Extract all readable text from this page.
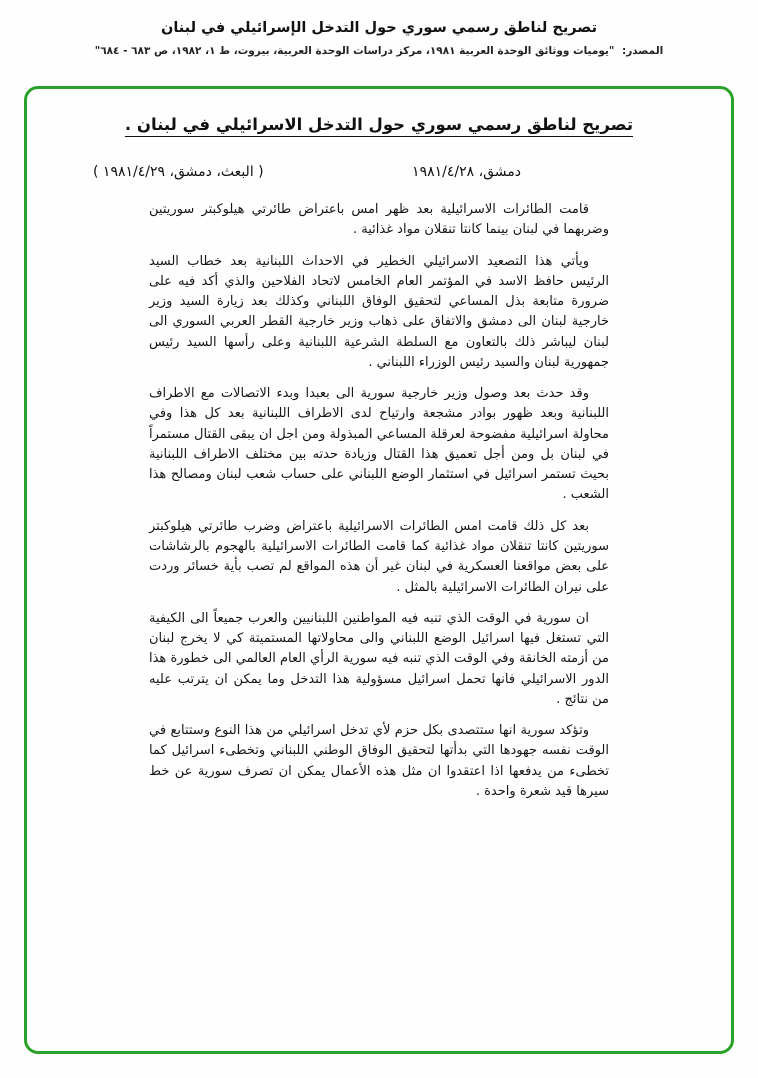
تصريح لناطق رسمي سوري حول التدخل الإسرائيلي في لبنان
المصدر: "يوميات ووثائق الوحدة العربية ١٩٨١، مركز دراسات الوحدة العربية، بيروت، ط ١، ١٩٨٢، ص ٦٨٣ - ٦٨٤"
تصريح لناطق رسمي سوري حول التدخل الاسرائيلي في لبنان .
دمشق، ١٩٨١/٤/٢٨
( البعث، دمشق، ١٩٨١/٤/٢٩ )

قامت الطائرات الاسرائيلية بعد ظهر امس باعتراض طائرتي هيلوكبتر سوريتين وضربهما في لبنان بينما كانتا تنقلان مواد غذائية .

ويأتي هذا التصعيد الاسرائيلي الخطير في الاحداث اللبنانية بعد خطاب السيد الرئيس حافظ الاسد في المؤتمر العام الخامس لاتحاد الفلاحين والذي أكد فيه على ضرورة متابعة بذل المساعي لتحقيق الوفاق اللبناني وكذلك بعد زيارة السيد وزير خارجية لبنان الى دمشق والاتفاق على ذهاب وزير خارجية القطر العربي السوري الى لبنان ليباشر ذلك بالتعاون مع السلطة الشرعية اللبنانية وعلى رأسها السيد رئيس جمهورية لبنان والسيد رئيس الوزراء اللبناني .

وقد حدث بعد وصول وزير خارجية سورية الى بعبدا وبدء الاتصالات مع الاطراف اللبنانية وبعد ظهور بوادر مشجعة وارتياح لدى الاطراف اللبنانية بعد كل هذا وفي محاولة اسرائيلية مفضوحة لعرقلة المساعي المبذولة ومن اجل ان يبقى القتال مستمراً في لبنان بل ومن أجل تعميق هذا القتال وزيادة حدته بين مختلف الاطراف اللبنانية بحيث تستمر اسرائيل في استثمار الوضع اللبناني على حساب شعب لبنان ومصالح هذا الشعب .

بعد كل ذلك قامت امس الطائرات الاسرائيلية باعتراض وضرب طائرتي هيلوكبتر سوريتين كانتا تنقلان مواد غذائية كما قامت الطائرات الاسرائيلية بالهجوم بالرشاشات على بعض مواقعنا العسكرية في لبنان غير أن هذه المواقع لم تصب بأية خسائر وردت على نيران الطائرات الاسرائيلية بالمثل .

ان سورية في الوقت الذي تنبه فيه المواطنين اللبنانيين والعرب جميعاً الى الكيفية التي تستغل فيها اسرائيل الوضع اللبناني والى محاولاتها المستميتة كي لا يخرج لبنان من أزمته الخانقة وفي الوقت الذي تنبه فيه سورية الرأي العام العالمي الى خطورة هذا الدور الاسرائيلي فانها تحمل اسرائيل مسؤولية هذا التدخل وما يمكن ان يترتب عليه من نتائج .

وتؤكد سورية انها ستتصدى بكل حزم لأي تدخل اسرائيلي من هذا النوع وستتابع في الوقت نفسه جهودها التي بدأتها لتحقيق الوفاق الوطني اللبناني وتخطىء اسرائيل كما تخطىء من يدفعها اذا اعتقدوا ان مثل هذه الأعمال يمكن ان تصرف سورية عن خط سيرها قيد شعرة واحدة .
